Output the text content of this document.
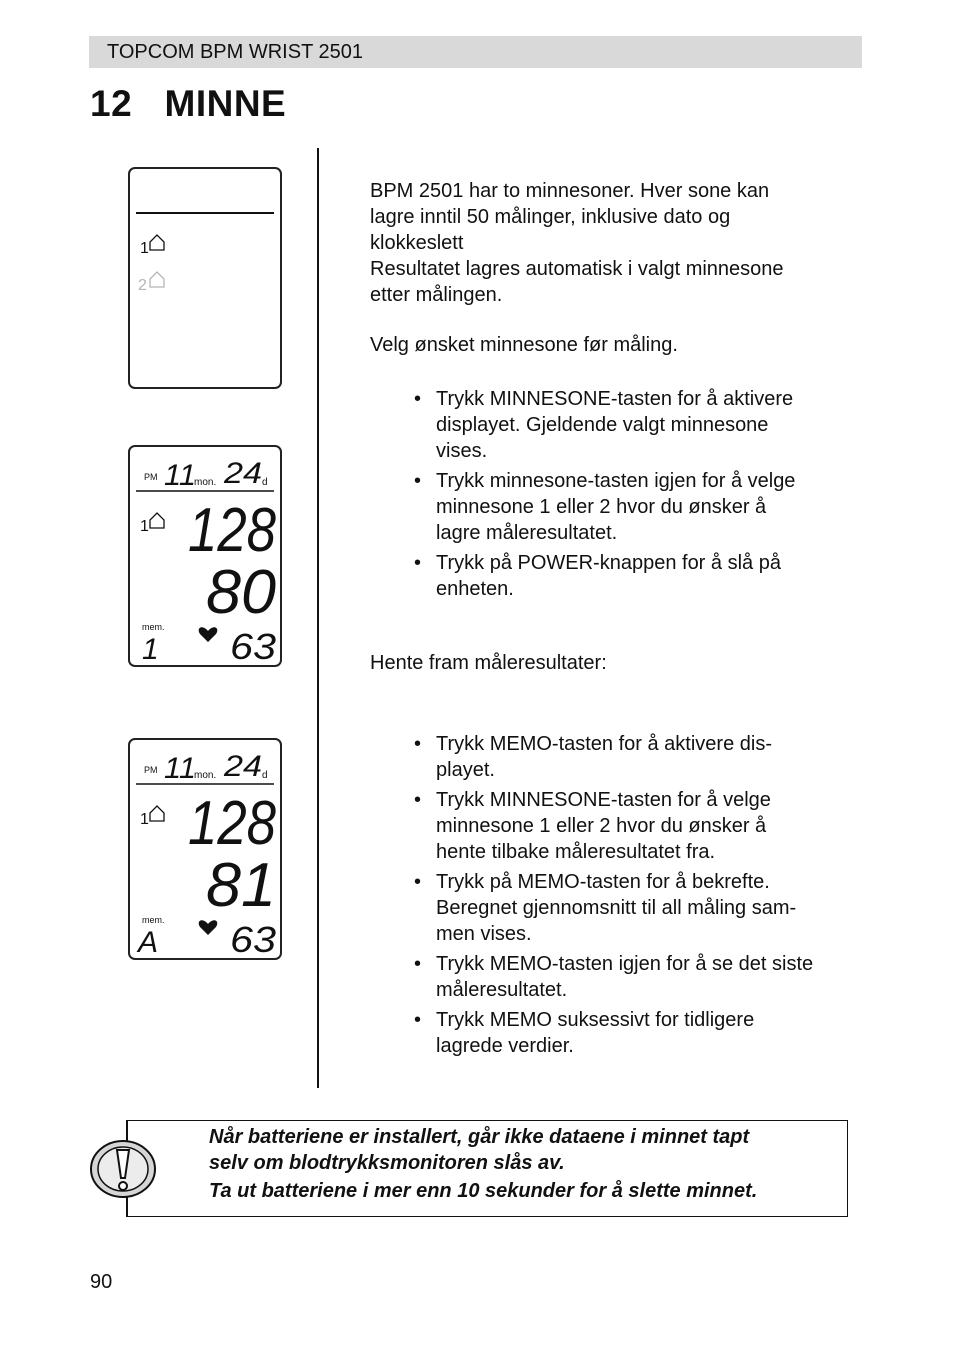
TOPCOM BPM WRIST 2501
12   MINNE
1
2
PM 11
mon. 24 d
1 128
80
mem.
1 63
PM 11
mon. 24 d
1 128
81
mem.
A 63
BPM 2501 har to minnesoner. Hver sone kan
lagre inntil 50 målinger, inklusive dato og
klokkeslett
Resultatet lagres automatisk i valgt minnesone
etter målingen.
Velg ønsket minnesone før måling.
• Trykk MINNESONE-tasten for å aktivere
displayet. Gjeldende valgt minnesone
vises.
• Trykk minnesone-tasten igjen for å velge
minnesone 1 eller 2 hvor du ønsker å
lagre måleresultatet.
• Trykk på POWER-knappen for å slå på
enheten.
Hente fram måleresultater:
• Trykk MEMO-tasten for å aktivere dis-
playet.
• Trykk MINNESONE-tasten for å velge
minnesone 1 eller 2 hvor du ønsker å
hente tilbake måleresultatet fra.
• Trykk på MEMO-tasten for å bekrefte.
Beregnet gjennomsnitt til all måling sam-
men vises.
• Trykk MEMO-tasten igjen for å se det siste
måleresultatet.
• Trykk MEMO suksessivt for tidligere
lagrede verdier.
Når batteriene er installert, går ikke dataene i minnet tapt
selv om blodtrykksmonitoren slås av.
Ta ut batteriene i mer enn 10 sekunder for å slette minnet.
90
